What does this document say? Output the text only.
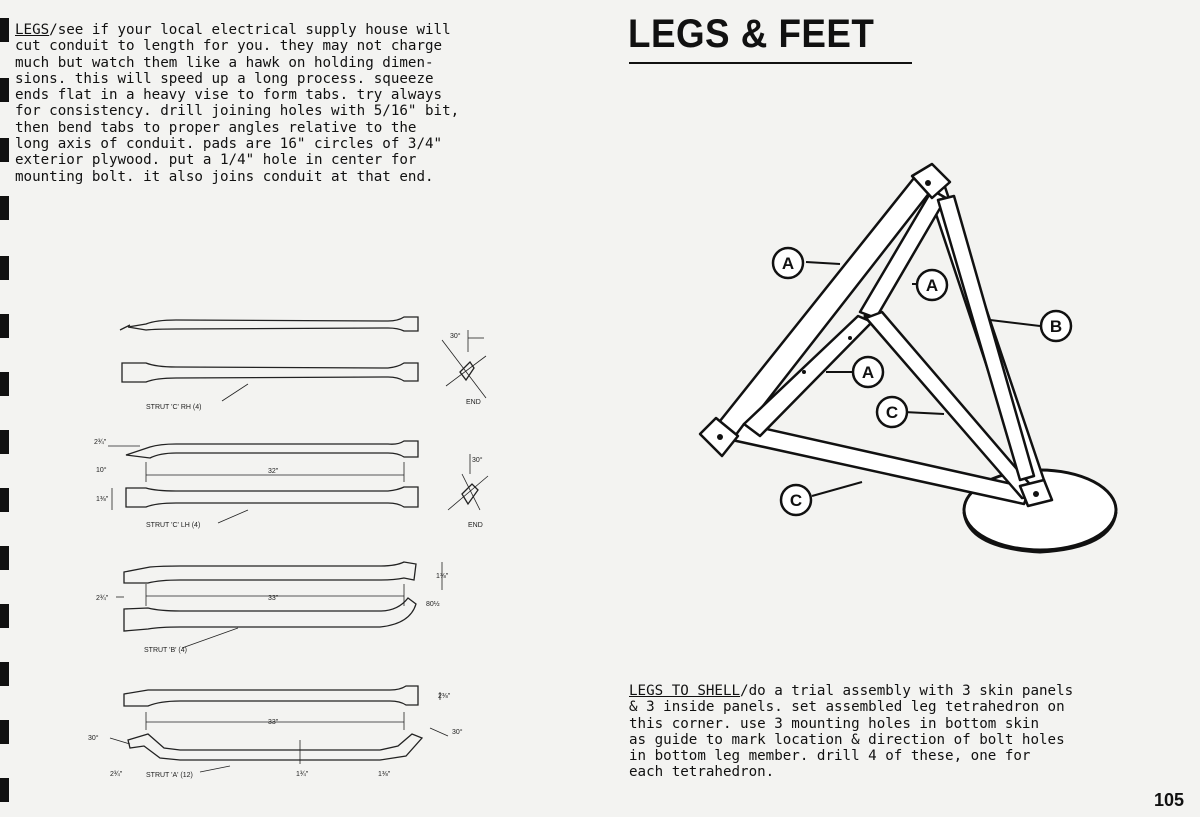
LEGS/see if your local electrical supply house will
cut conduit to length for you. they may not charge
much but watch them like a hawk on holding dimen-
sions. this will speed up a long process. squeeze
ends flat in a heavy vise to form tabs. try always
for consistency. drill joining holes with 5/16" bit,
then bend tabs to proper angles relative to the
long axis of conduit. pads are 16" circles of 3/4"
exterior plywood. put a 1/4" hole in center for
mounting bolt. it also joins conduit at that end.
LEGS & FEET
STRUT 'C' RH (4)
END
30°
STRUT 'C' LH (4)	END
30°
2¾"
10°	32"
1⅜"
STRUT 'B' (4)
2¾"	33"
1⅜"
80½
STRUT 'A' (12)
2⅜"
33"
30°
30°
2¾"	1¾"	1⅜"
A
A
A
B
C
C
LEGS TO SHELL/do a trial assembly with 3 skin panels
& 3 inside panels. set assembled leg tetrahedron on
this corner. use 3 mounting holes in bottom skin
as guide to mark location & direction of bolt holes
in bottom leg member. drill 4 of these, one for
each tetrahedron.
105
